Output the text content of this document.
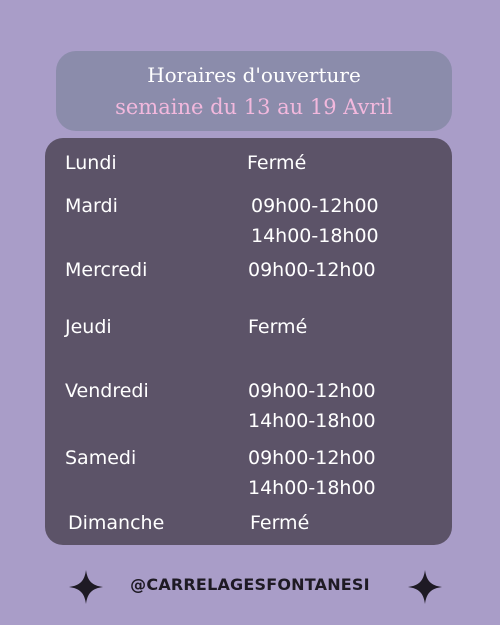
Horaires d'ouverture
semaine du 13 au 19 Avril
Lundi	Fermé
Mardi	09h00-12h00
14h00-18h00
Mercredi	09h00-12h00
Jeudi	Fermé
Vendredi	09h00-12h00
14h00-18h00
Samedi	09h00-12h00
14h00-18h00
Dimanche	Fermé
@CARRELAGESFONTANESI
